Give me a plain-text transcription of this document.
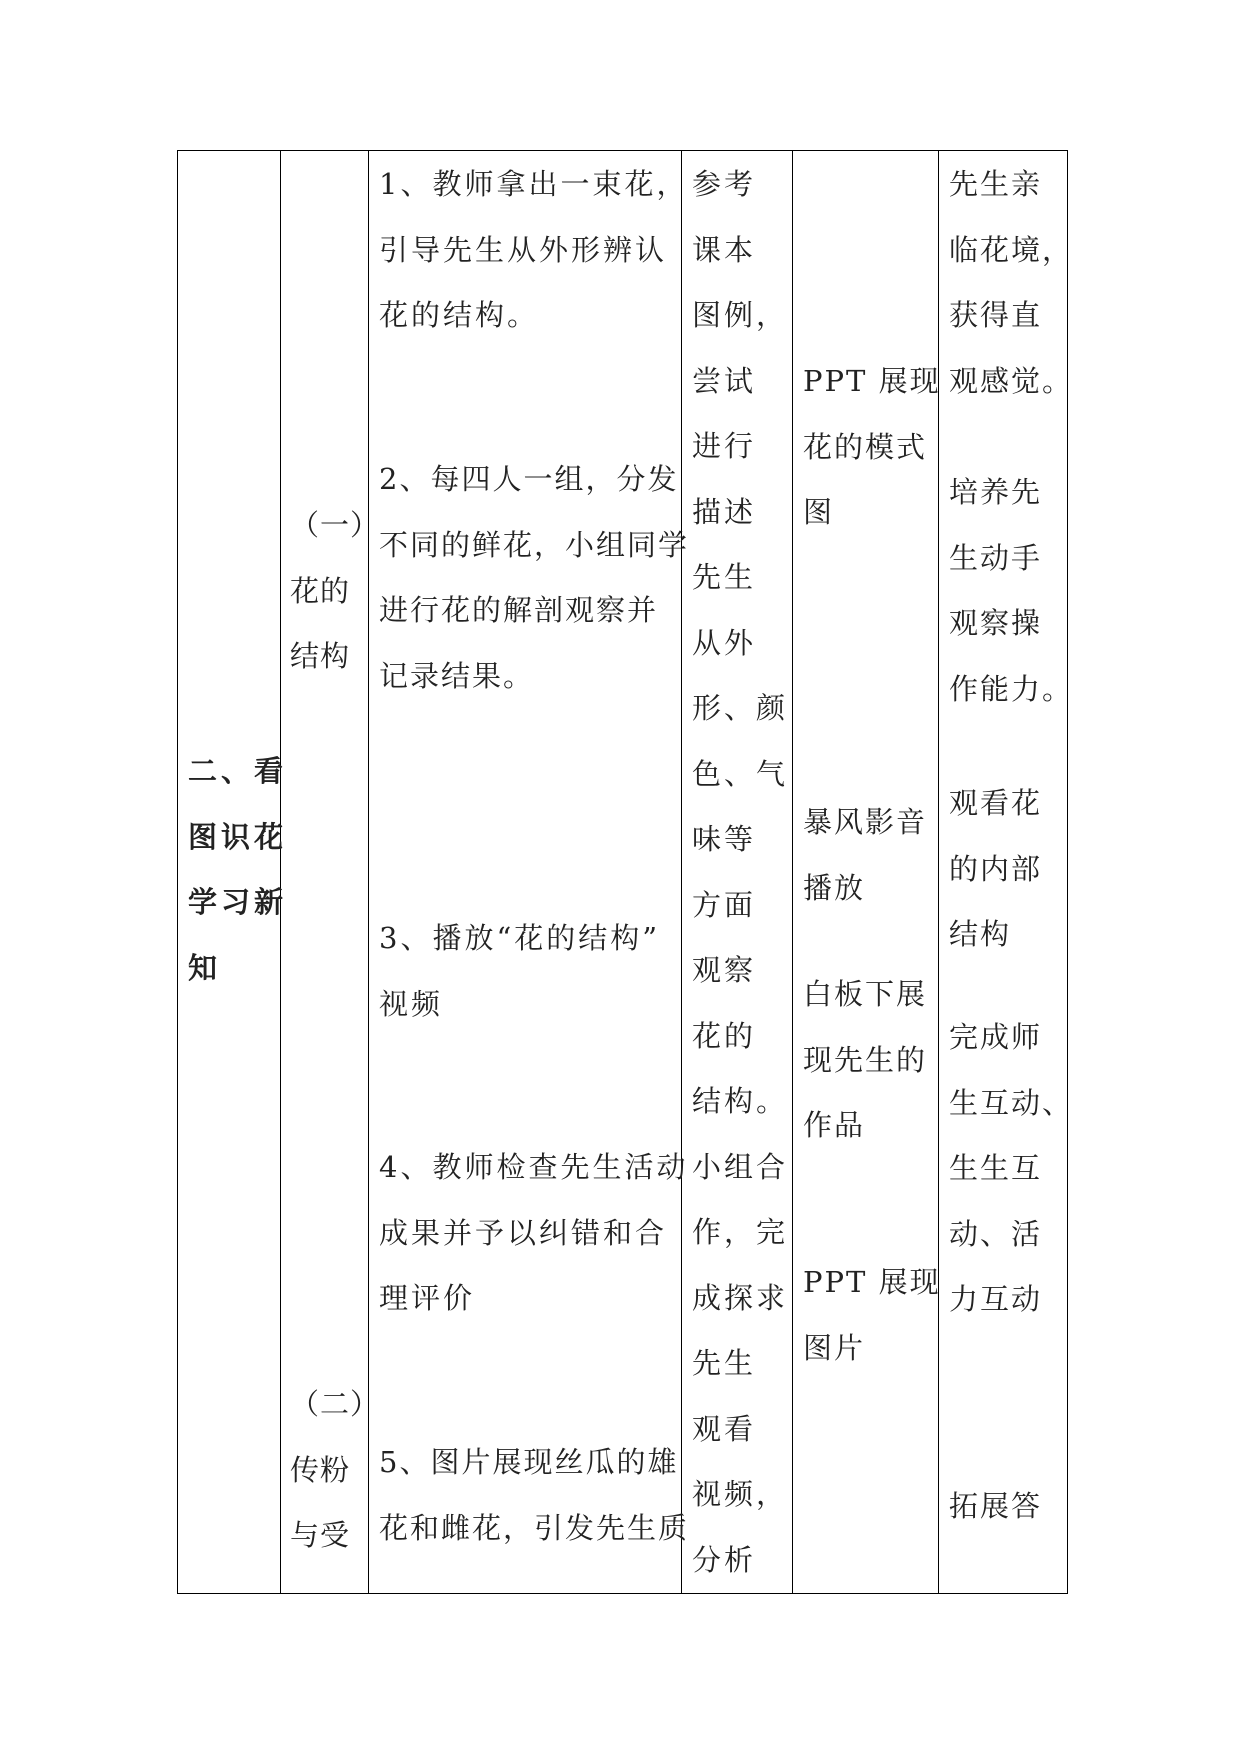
二、看
图识花
学习新
知
（一）
花的
结构
（二）
传粉
与受
1、教师拿出一束花，
引导先生从外形辨认
花的结构。
2、每四人一组，分发
不同的鲜花，小组同学
进行花的解剖观察并
记录结果。
3、播放“花的结构”
视频
4、教师检查先生活动
成果并予以纠错和合
理评价
5、图片展现丝瓜的雄
花和雌花，引发先生质
参考
课本
图例，
尝试
进行
描述
先生
从外
形、颜
色、气
味等
方面
观察
花的
结构。
小组合
作，完
成探求
先生
观看
视频，
分析
PPT 展现
花的模式
图
暴风影音
播放
白板下展
现先生的
作品
PPT 展现
图片
先生亲
临花境，
获得直
观感觉。
培养先
生动手
观察操
作能力。
观看花
的内部
结构
完成师
生互动、
生生互
动、活
力互动
拓展答
